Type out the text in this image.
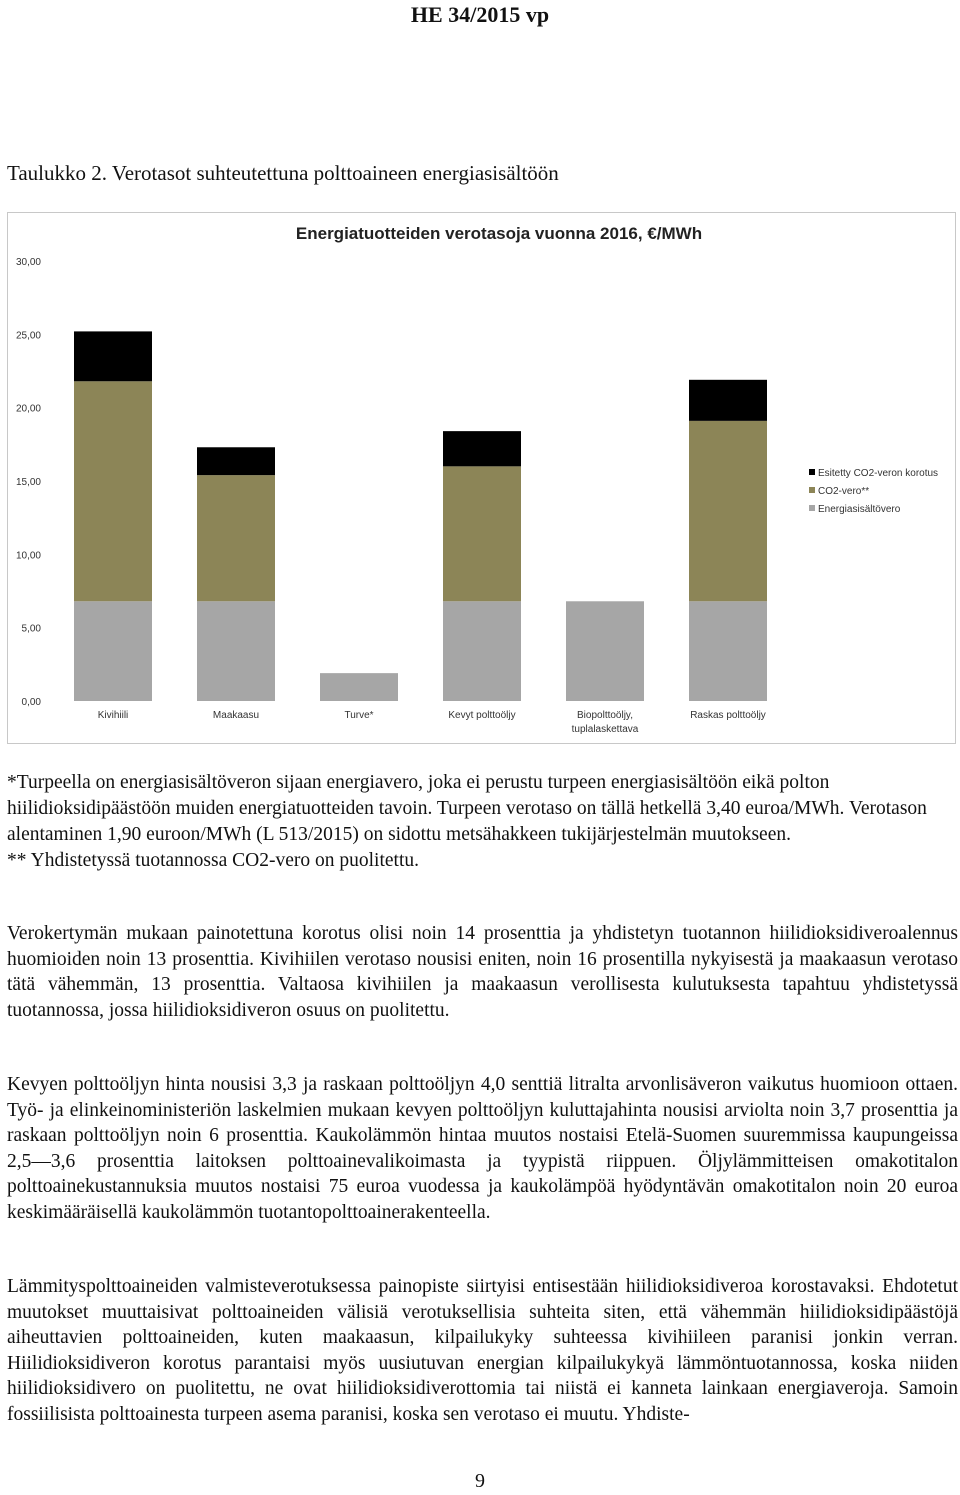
HE 34/2015 vp
Taulukko 2. Verotasot suhteutettuna polttoaineen energiasisältöön
Energiatuotteiden verotasoja vuonna 2016, €/MWh
0,00
5,00
10,00
15,00
20,00
25,00
30,00
Kivihiili	Maakaasu	Turve*	Kevyt polttoöljy	Biopolttoöljy,
tuplalaskettava
Raskas polttoöljy
Esitetty CO2-veron korotus
CO2-vero**
Energiasisältövero

*Turpeella on energiasisältöveron sijaan energiavero, joka ei perustu turpeen energiasisältöön eikä polton hiilidioksidipäästöön muiden energiatuotteiden tavoin. Turpeen verotaso on tällä hetkellä 3,40 euroa/MWh. Verotason alentaminen 1,90 euroon/MWh (L 513/2015) on sidottu metsähakkeen tukijärjestelmän muutokseen.

** Yhdistetyssä tuotannossa CO2-vero on puolitettu.

Verokertymän mukaan painotettuna korotus olisi noin 14 prosenttia ja yhdistetyn tuotannon hiilidioksidiveroalennus huomioiden noin 13 prosenttia. Kivihiilen verotaso nousisi eniten, noin 16 prosentilla nykyisestä ja maakaasun verotaso tätä vähemmän, 13 prosenttia. Valtaosa kivihiilen ja maakaasun verollisesta kulutuksesta tapahtuu yhdistetyssä tuotannossa, jossa hiilidioksidiveron osuus on puolitettu.

Kevyen polttoöljyn hinta nousisi 3,3 ja raskaan polttoöljyn 4,0 senttiä litralta arvonlisäveron vaikutus huomioon ottaen. Työ- ja elinkeinoministeriön laskelmien mukaan kevyen polttoöljyn kuluttajahinta nousisi arviolta noin 3,7 prosenttia ja raskaan polttoöljyn noin 6 prosenttia. Kaukolämmön hintaa muutos nostaisi Etelä-Suomen suuremmissa kaupungeissa 2,5—3,6 prosenttia laitoksen polttoainevalikoimasta ja tyypistä riippuen. Öljylämmitteisen omakotitalon polttoainekustannuksia muutos nostaisi 75 euroa vuodessa ja kaukolämpöä hyödyntävän omakotitalon noin 20 euroa keskimääräisellä kaukolämmön tuotantopolttoainerakenteella.

Lämmityspolttoaineiden valmisteverotuksessa painopiste siirtyisi entisestään hiilidioksidiveroa korostavaksi. Ehdotetut muutokset muuttaisivat polttoaineiden välisiä verotuksellisia suhteita siten, että vähemmän hiilidioksidipäästöjä aiheuttavien polttoaineiden, kuten maakaasun, kilpailukyky suhteessa kivihiileen paranisi jonkin verran. Hiilidioksidiveron korotus parantaisi myös uusiutuvan energian kilpailukykyä lämmöntuotannossa, koska niiden hiilidioksidivero on puolitettu, ne ovat hiilidioksidiverottomia tai niistä ei kanneta lainkaan energiaveroja. Samoin fossiilisista polttoainesta turpeen asema paranisi, koska sen verotaso ei muutu. Yhdiste-

9
